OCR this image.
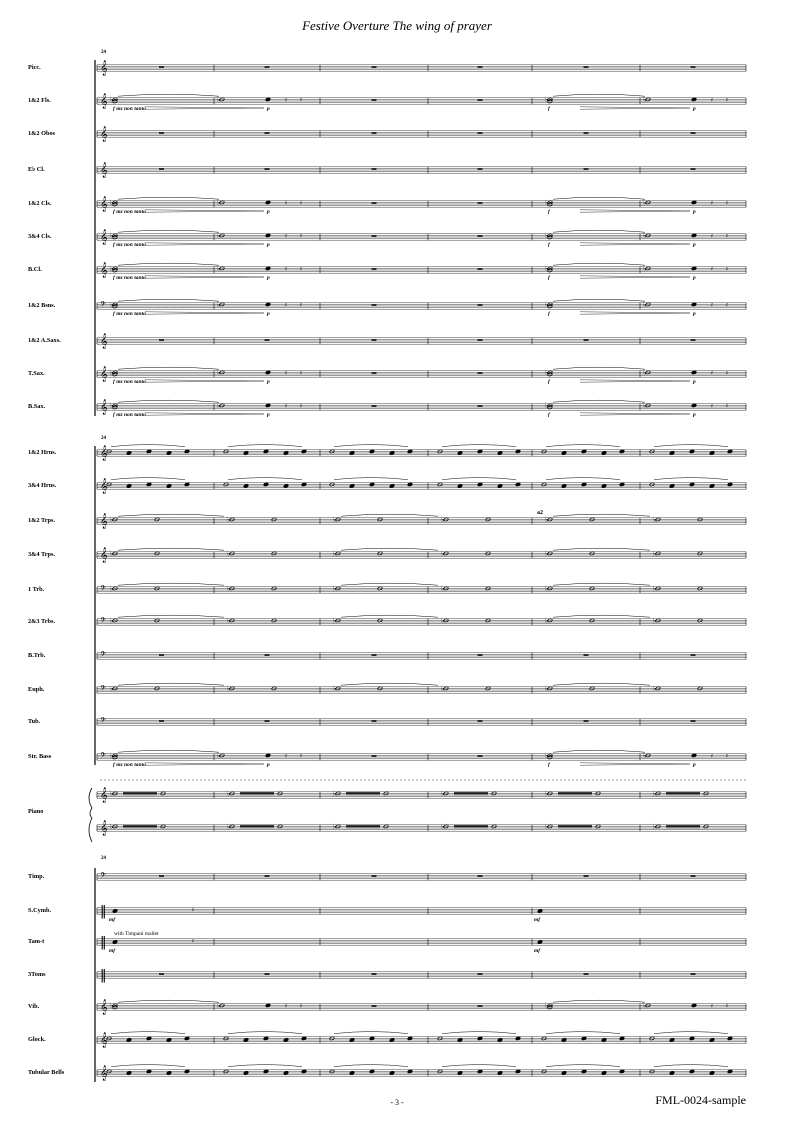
Festive Overture The wing of prayer
24
24
24
Picc.
1&2 Fls.
1&2 Obos
E♭ Cl.
1&2 Cls.
3&4 Cls.
B.Cl.
1&2 Bsns.
1&2 A.Saxs.
T.Sax.
B.Sax.
1&2 Hrns.
3&4 Hrns.
1&2 Trps.
3&4 Trps.
1 Trb.
2&3 Trbs.
B.Trb.
Euph.
Tub.
Str. Bass
Timp.
S.Cymb.
Tam-t
3Toms
Vib.
Glock.
Tubular Bells
Piano
𝄞
𝄞 ♭	♭	𝄽 𝄽
f mz non tanto	p
♭	♭	𝄽 𝄽
f	p
𝄞
𝄞
𝄞 ♭	♭	𝄽 𝄽
f mz non tanto	p
♭	♭	𝄽 𝄽
f	p
𝄞 ♭	♭	𝄽 𝄽
f mz non tanto	p
♭	♭	𝄽 𝄽
f	p
𝄞 ♭	♭	𝄽 𝄽
f mz non tanto	p
♭	♭	𝄽 𝄽
f	p
𝄢 ♭	♭	𝄽 𝄽
f mz non tanto	p
♭	♭	𝄽 𝄽
f	p
𝄞
𝄞 ♭	♭	𝄽 𝄽
f mz non tanto	p
♭	♭	𝄽 𝄽
f	p
𝄞 ♭	♭	𝄽 𝄽
f mz non tanto	p
♭	♭	𝄽 𝄽
f	p
𝄞
𝄞
𝄞 ♭	♭	♭	♭	♭	♭
𝄞 ♭	♭	♭	♭	♭	♭
𝄢 ♭	♭	♭	♭	♭	♭
𝄢 ♭	♭	♭	♭	♭	♭
𝄢
𝄢 ♭	♭	♭	♭	♭	♭
𝄢
𝄢 ♭	♭	𝄽 𝄽
f mz non tanto	p
♭	♭	𝄽 𝄽
f	p
𝄢
‖	𝄽
mf	mf
‖	𝄽
mf	mf
‖
𝄞 ♭	♭	𝄽 𝄽	♭	♭	𝄽 𝄽
𝄞
𝄞
with Timpani mallet
a2
𝄞 ♭	♭	♭	♭	♭	♭
𝄞 ♭	♭	♭	♭	♭	♭
- 3 -	FML-0024-sample
